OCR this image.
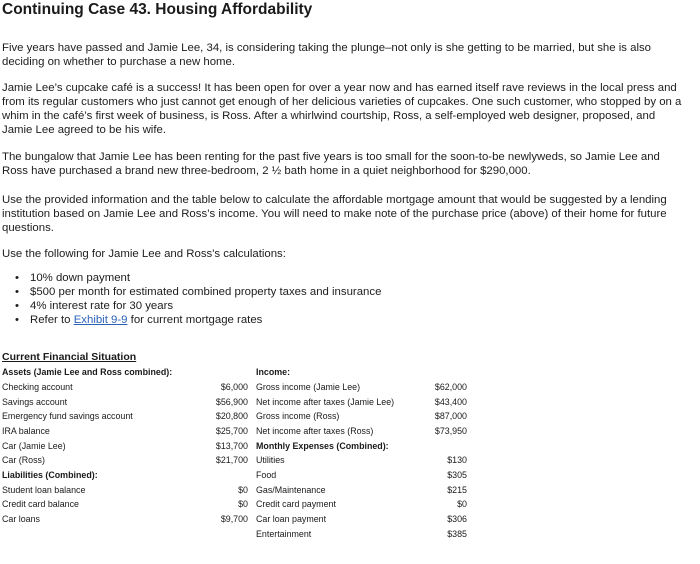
Continuing Case 43. Housing Affordability

Five years have passed and Jamie Lee, 34, is considering taking the plunge–not only is she getting to be married, but she is also deciding on whether to purchase a new home.

Jamie Lee’s cupcake café is a success! It has been open for over a year now and has earned itself rave reviews in the local press and from its regular customers who just cannot get enough of her delicious varieties of cupcakes. One such customer, who stopped by on a whim in the café’s first week of business, is Ross. After a whirlwind courtship, Ross, a self-employed web designer, proposed, and Jamie Lee agreed to be his wife.

The bungalow that Jamie Lee has been renting for the past five years is too small for the soon-to-be newlyweds, so Jamie Lee and Ross have purchased a brand new three-bedroom, 2 ½ bath home in a quiet neighborhood for $290,000.

Use the provided information and the table below to calculate the affordable mortgage amount that would be suggested by a lending institution based on Jamie Lee and Ross’s income. You will need to make note of the purchase price (above) of their home for future questions.

Use the following for Jamie Lee and Ross's calculations:

• 10% down payment
• $500 per month for estimated combined property taxes and insurance
• 4% interest rate for 30 years
• Refer to Exhibit 9-9 for current mortgage rates
Current Financial Situation
Assets (Jamie Lee and Ross combined):
Checking account	$6,000
Savings account	$56,900
Emergency fund savings account	$20,800
IRA balance	$25,700
Car (Jamie Lee)	$13,700
Car (Ross)	$21,700
Liabilities (Combined):
Student loan balance	$0
Credit card balance	$0
Car loans	$9,700
Income:
Gross income (Jamie Lee)	$62,000
Net income after taxes (Jamie Lee)	$43,400
Gross income (Ross)	$87,000
Net income after taxes (Ross)	$73,950
Monthly Expenses (Combined):
Utilities	$130
Food	$305
Gas/Maintenance	$215
Credit card payment	$0
Car loan payment	$306
Entertainment	$385
